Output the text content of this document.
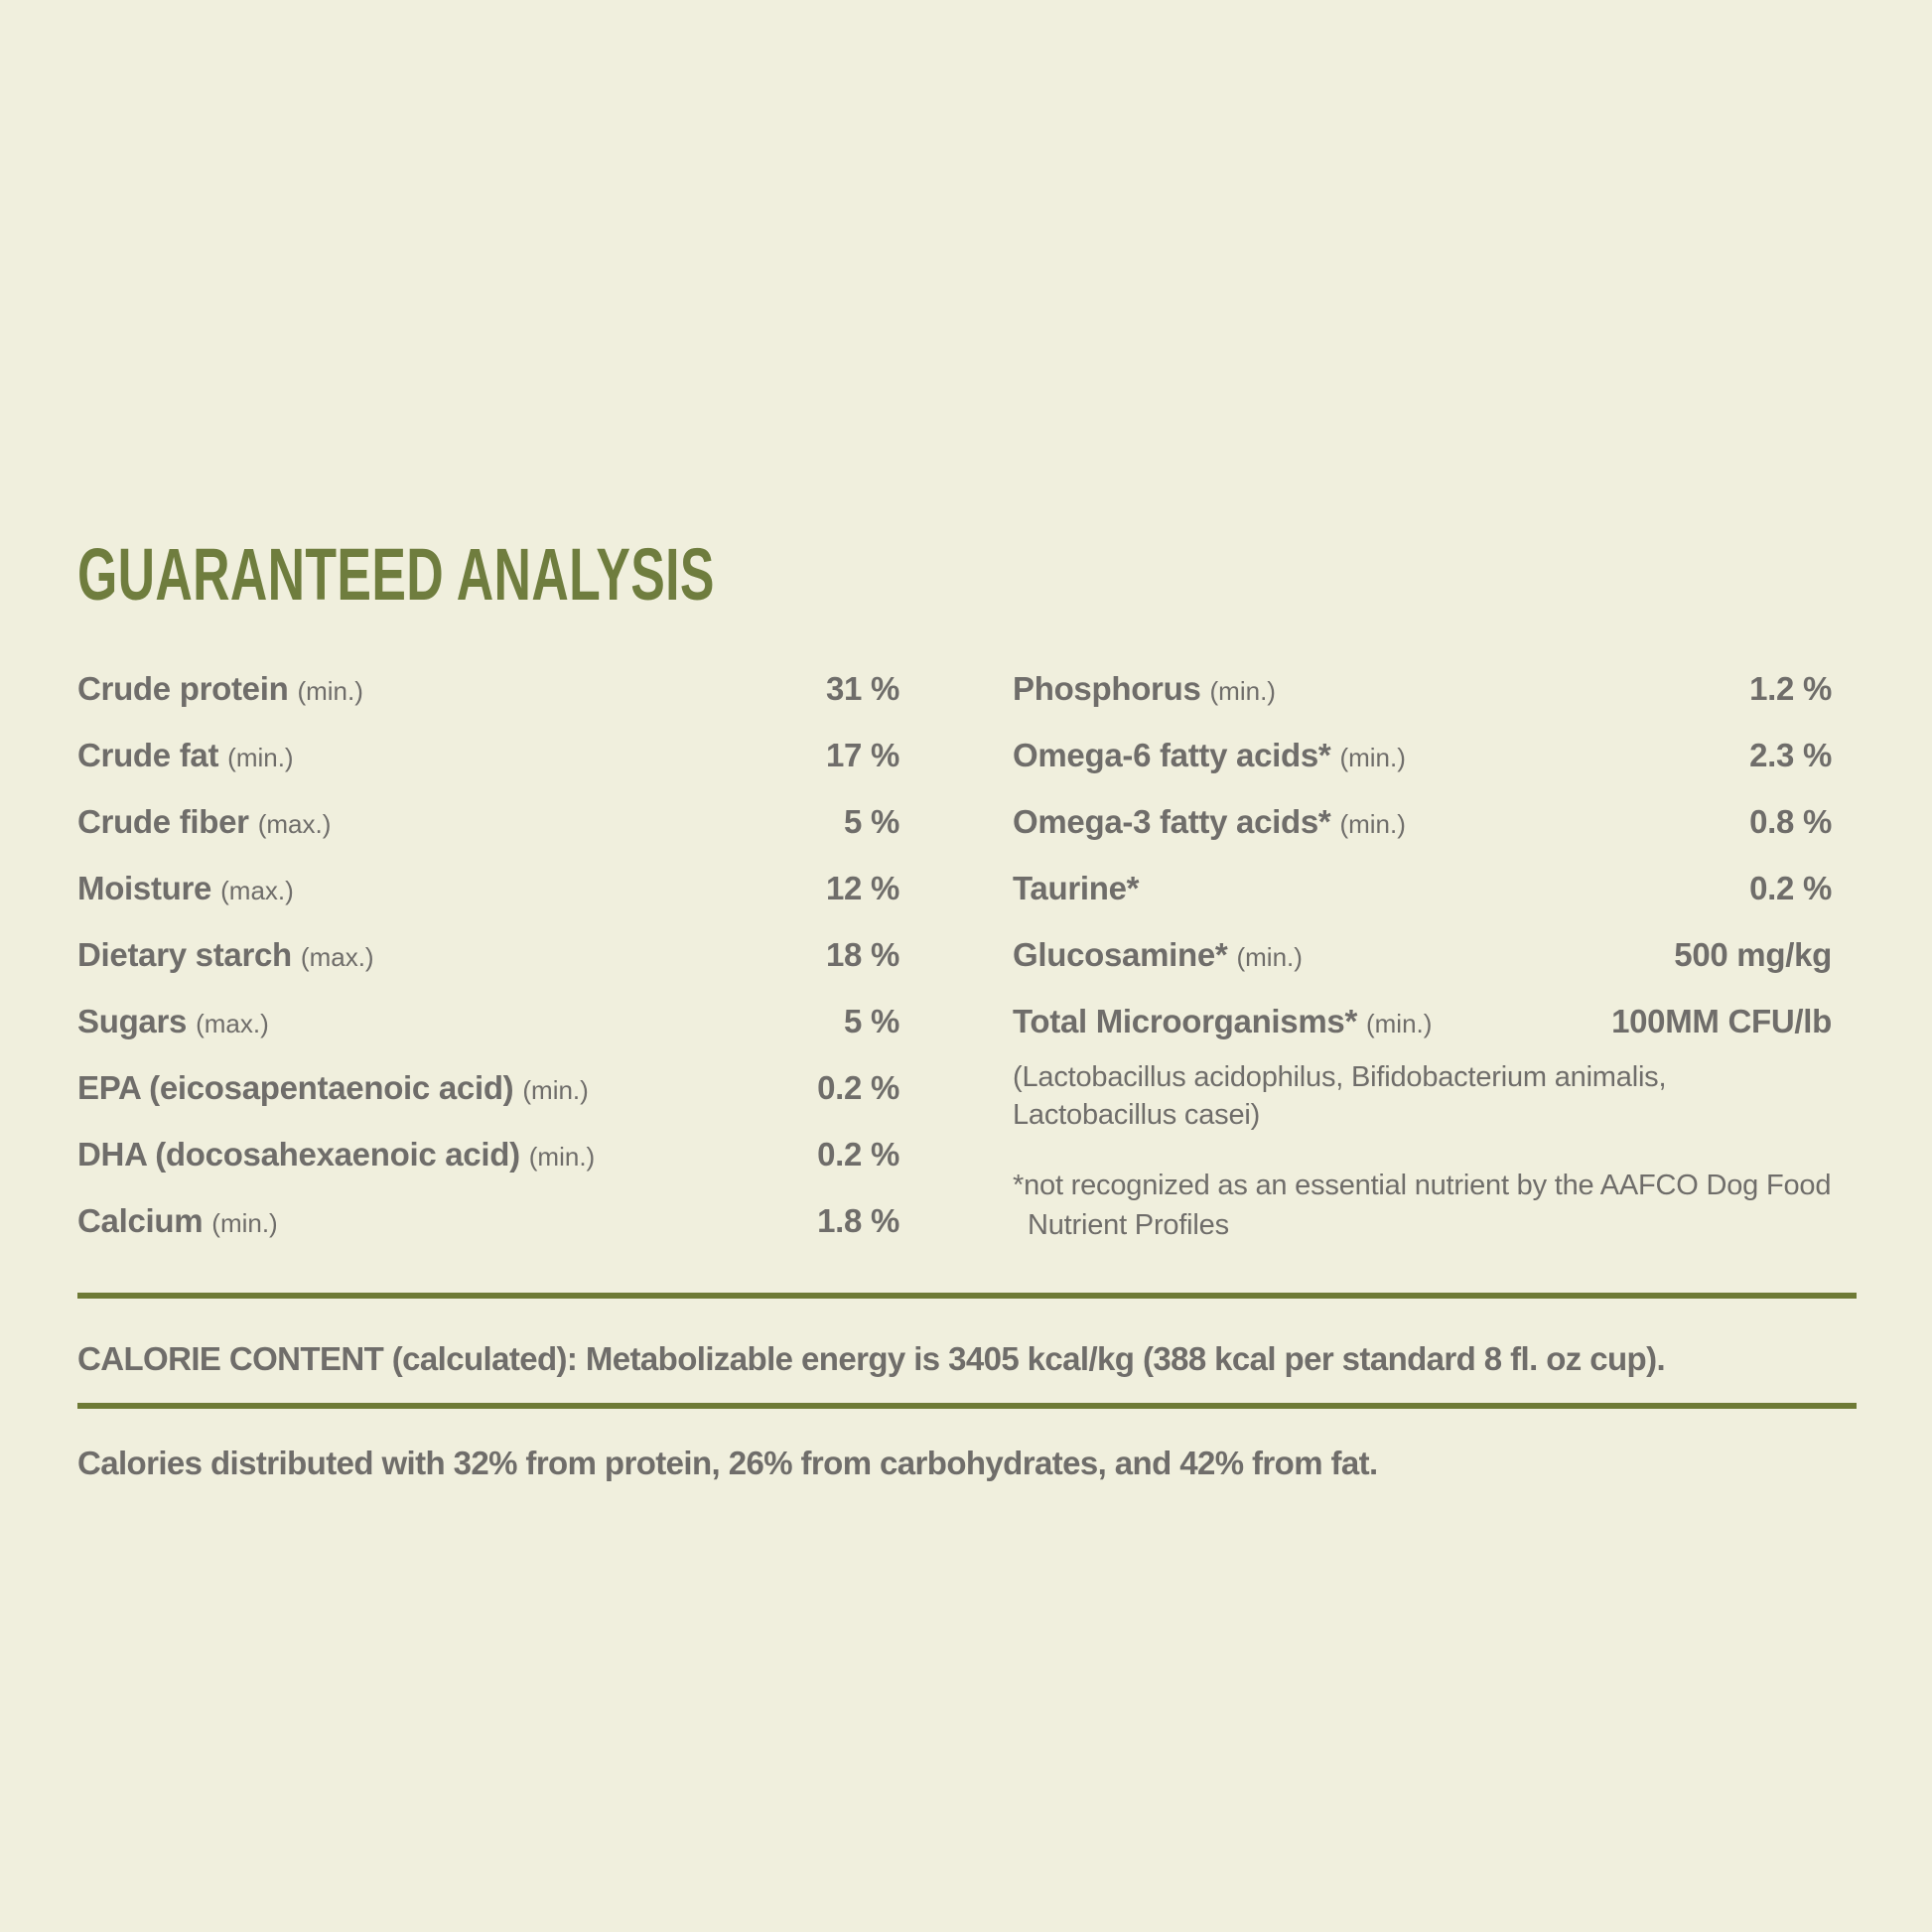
GUARANTEED ANALYSIS
Crude protein (min.)	31 %
Crude fat (min.)	17 %
Crude fiber (max.)	5 %
Moisture (max.)	12 %
Dietary starch (max.)	18 %
Sugars (max.)	5 %
EPA (eicosapentaenoic acid) (min.)	0.2 %
DHA (docosahexaenoic acid) (min.)	0.2 %
Calcium (min.)	1.8 %
Phosphorus (min.)	1.2 %
Omega-6 fatty acids* (min.)	2.3 %
Omega-3 fatty acids* (min.)	0.8 %
Taurine*	0.2 %
Glucosamine* (min.)	500 mg/kg
Total Microorganisms* (min.)	100MM CFU/lb
(Lactobacillus acidophilus, Bifidobacterium animalis, Lactobacillus casei)
*not recognized as an essential nutrient by the AAFCO Dog Food Nutrient Profiles
CALORIE CONTENT (calculated): Metabolizable energy is 3405 kcal/kg (388 kcal per standard 8 fl. oz cup).
Calories distributed with 32% from protein, 26% from carbohydrates, and 42% from fat.
